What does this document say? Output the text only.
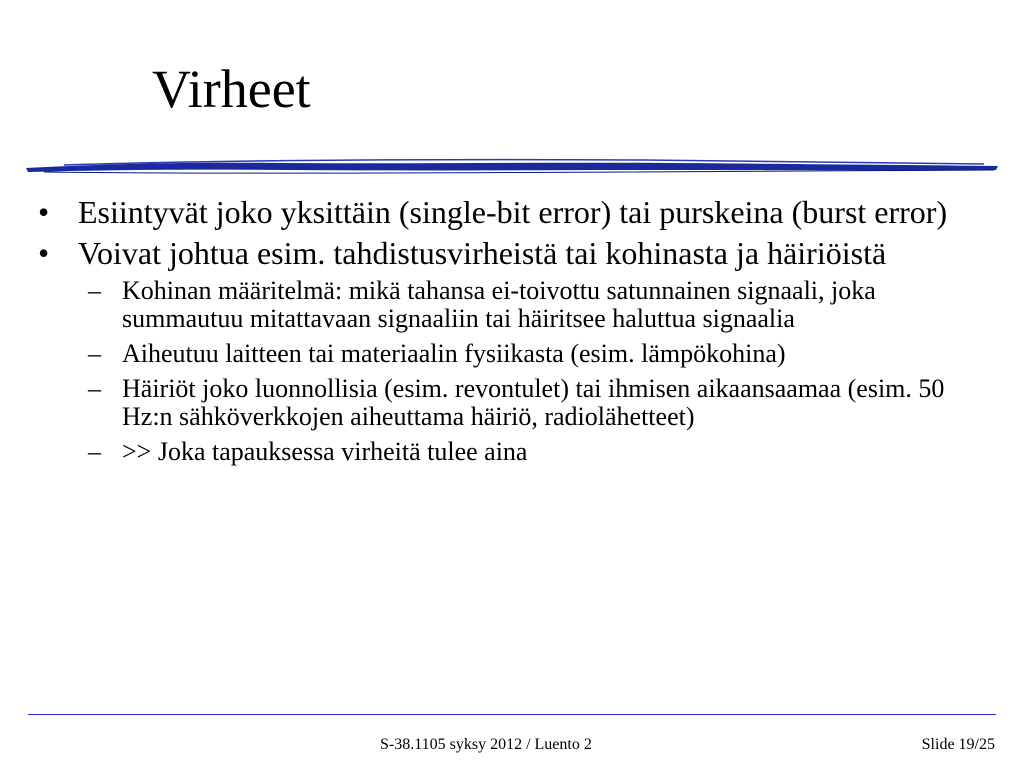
Virheet
• Esiintyvät joko yksittäin (single-bit error) tai purskeina (burst error)
• Voivat johtua esim. tahdistusvirheistä tai kohinasta ja häiriöistä
– Kohinan määritelmä: mikä tahansa ei-toivottu satunnainen signaali, joka summautuu mitattavaan signaaliin tai häiritsee haluttua signaalia
– Aiheutuu laitteen tai materiaalin fysiikasta (esim. lämpökohina)
– Häiriöt joko luonnollisia (esim. revontulet) tai ihmisen aikaansaamaa (esim. 50 Hz:n sähköverkkojen aiheuttama häiriö, radiolähetteet)
– >> Joka tapauksessa virheitä tulee aina
S-38.1105 syksy 2012 / Luento 2	Slide 19/25
